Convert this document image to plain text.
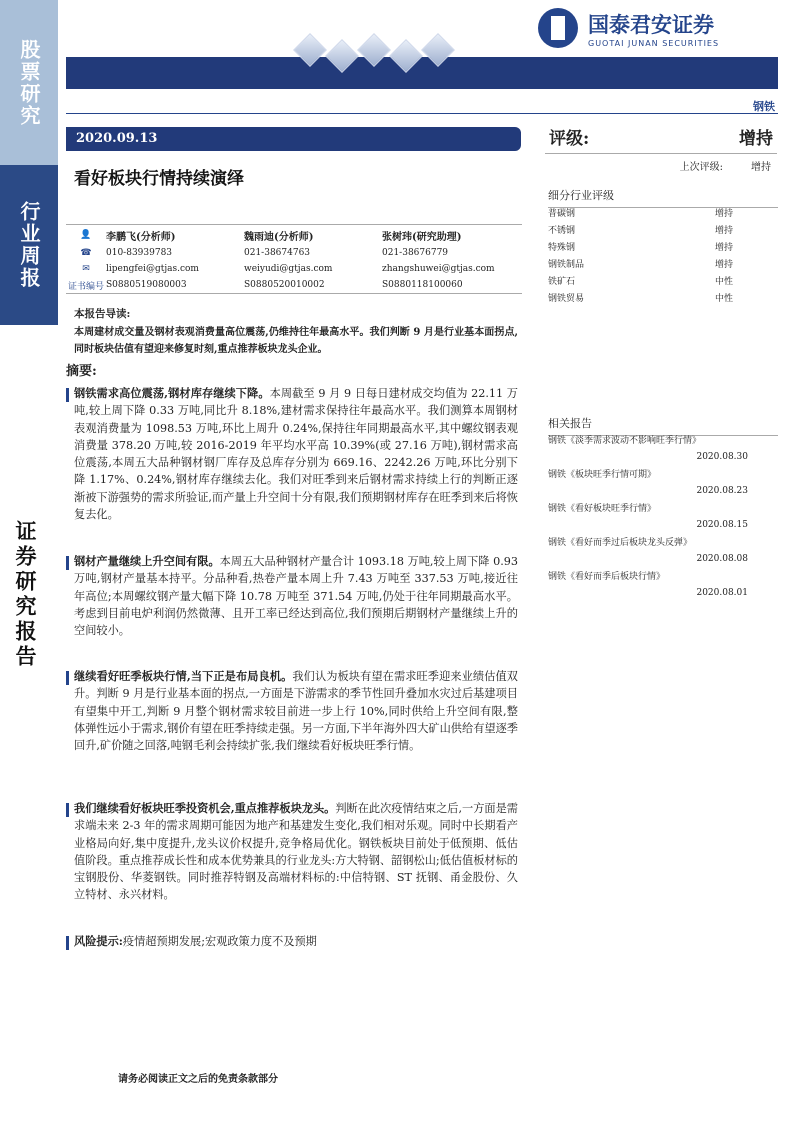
股票研究
行业周报
证券研究报告
国泰君安证券
GUOTAI JUNAN SECURITIES
钢铁
2020.09.13
看好板块行情持续演绎
评级:	增持
上次评级:	增持
细分行业评级
普碳钢	增持
不锈钢	增持
特殊钢	增持
钢铁制品	增持
铁矿石	中性
钢铁贸易	中性
相关报告
钢铁《淡季需求波动不影响旺季行情》
2020.08.30
钢铁《板块旺季行情可期》
2020.08.23
钢铁《看好板块旺季行情》
2020.08.15
钢铁《看好而季过后板块龙头反弹》
2020.08.08
钢铁《看好而季后板块行情》
2020.08.01
👤	李鹏飞(分析师)	魏雨迪(分析师)	张树玮(研究助理)
☎	010-83939783	021-38674763	021-38676779
✉	lipengfei@gtjas.com	weiyudi@gtjas.com	zhangshuwei@gtjas.com
证书编号 S0880519080003	S0880520010002	S0880118100060
本报告导读:
本周建材成交量及钢材表观消费量高位震荡,仍维持往年最高水平。我们判断 9 月是行业基本面拐点,同时板块估值有望迎来修复时刻,重点推荐板块龙头企业。
摘要:
钢铁需求高位震荡,钢材库存继续下降。本周截至 9 月 9 日每日建材成交均值为 22.11 万吨,较上周下降 0.33 万吨,同比升 8.18%,建材需求保持往年最高水平。我们测算本周钢材表观消费量为 1098.53 万吨,环比上周升 0.24%,保持往年同期最高水平,其中螺纹钢表观消费量 378.20 万吨,较 2016-2019 年平均水平高 10.39%(或 27.16 万吨),钢材需求高位震荡,本周五大品种钢材钢厂库存及总库存分别为 669.16、2242.26 万吨,环比分别下降 1.17%、0.24%,钢材库存继续去化。我们对旺季到来后钢材需求持续上行的判断正逐渐被下游强势的需求所验证,而产量上升空间十分有限,我们预期钢材库存在旺季到来后将恢复去化。
钢材产量继续上升空间有限。本周五大品种钢材产量合计 1093.18 万吨,较上周下降 0.93 万吨,钢材产量基本持平。分品种看,热卷产量本周上升 7.43 万吨至 337.53 万吨,接近往年高位;本周螺纹钢产量大幅下降 10.78 万吨至 371.54 万吨,仍处于往年同期最高水平。考虑到目前电炉利润仍然微薄、且开工率已经达到高位,我们预期后期钢材产量继续上升的空间较小。
继续看好旺季板块行情,当下正是布局良机。我们认为板块有望在需求旺季迎来业绩估值双升。判断 9 月是行业基本面的拐点,一方面是下游需求的季节性回升叠加水灾过后基建项目有望集中开工,判断 9 月整个钢材需求较目前进一步上行 10%,同时供给上升空间有限,整体弹性远小于需求,钢价有望在旺季持续走强。另一方面,下半年海外四大矿山供给有望逐季回升,矿价随之回落,吨钢毛利会持续扩张,我们继续看好板块旺季行情。
我们继续看好板块旺季投资机会,重点推荐板块龙头。判断在此次疫情结束之后,一方面是需求端未来 2-3 年的需求周期可能因为地产和基建发生变化,我们相对乐观。同时中长期看产业格局向好,集中度提升,龙头议价权提升,竞争格局优化。钢铁板块目前处于低预期、低估值阶段。重点推荐成长性和成本优势兼具的行业龙头:方大特钢、韶钢松山;低估值板材标的宝钢股份、华菱钢铁。同时推荐特钢及高端材料标的:中信特钢、ST 抚钢、甬金股份、久立特材、永兴材料。
风险提示:疫情超预期发展;宏观政策力度不及预期
请务必阅读正文之后的免责条款部分
